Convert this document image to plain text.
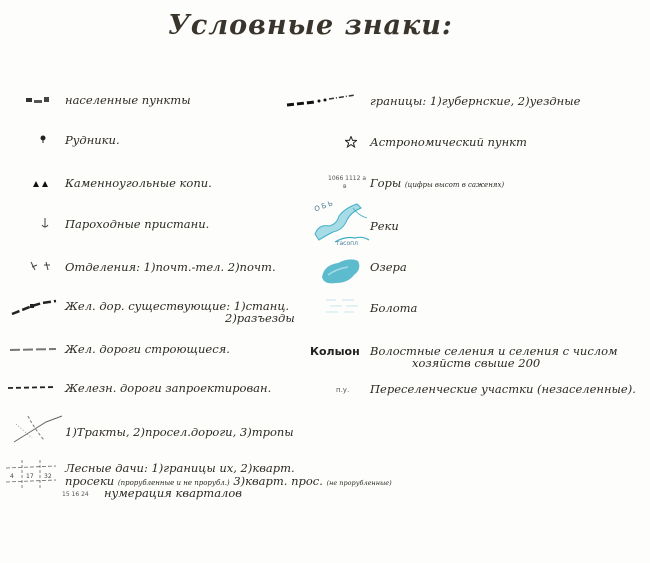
Условные знаки:
населенные пункты
Рудники.
Каменноугольные копи.
Пароходные пристани.
Отделения: 1)почт.-тел. 2)почт.
Жел. дор. существующие: 1)станц.
2)разъезды
Жел. дороги строющиеся.
Железн. дороги запроектирован.
1)Тракты, 2)просел.дороги, 3)тропы
4 17 32
Лесные дачи: 1)границы их, 2)кварт.
просеки (прорубленные и не прорубл.) 3)кварт. прос. (не прорубленные)
15 16 24 нумерация кварталов
границы: 1)губернские, 2)уездные
Астрономический пункт
1066 1112 а
в Горы (цифры высот в саженях)
ОБЬ
тасопл
Реки
Озера
Болота
Колыон Волостные селения и селения с числом
хозяйств свыше 200
п.у. Переселенческие участки (незаселенные).
